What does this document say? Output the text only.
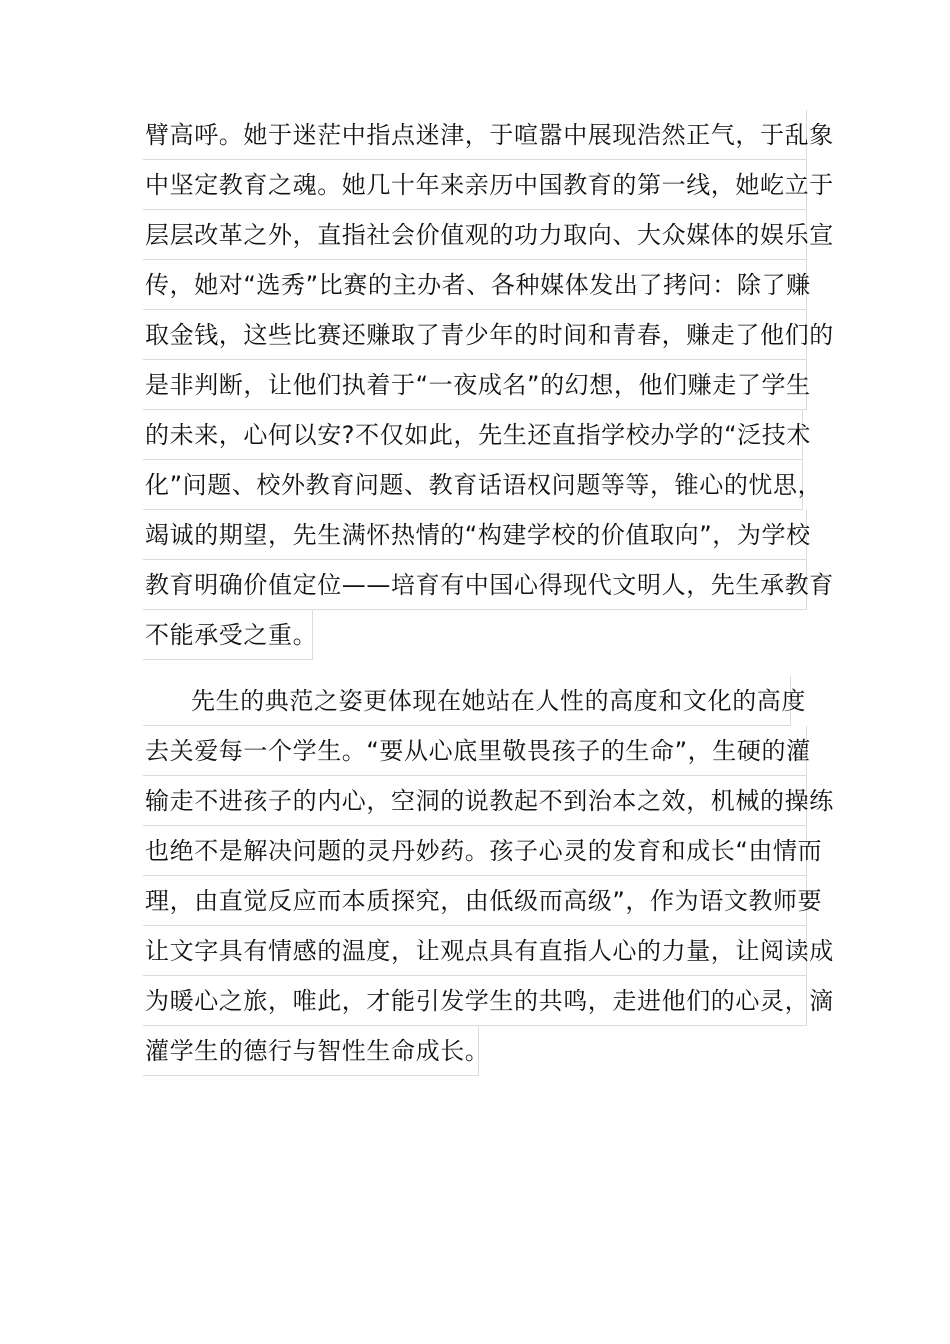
臂高呼。她于迷茫中指点迷津，于喧嚣中展现浩然正气，于乱象
中坚定教育之魂。她几十年来亲历中国教育的第一线，她屹立于
层层改革之外，直指社会价值观的功力取向、大众媒体的娱乐宣
传，她对“选秀”比赛的主办者、各种媒体发出了拷问：除了赚
取金钱，这些比赛还赚取了青少年的时间和青春，赚走了他们的
是非判断，让他们执着于“一夜成名”的幻想，他们赚走了学生
的未来，心何以安?不仅如此，先生还直指学校办学的“泛技术
化”问题、校外教育问题、教育话语权问题等等，锥心的忧思，
竭诚的期望，先生满怀热情的“构建学校的价值取向”，为学校
教育明确价值定位——培育有中国心得现代文明人，先生承教育
不能承受之重。
先生的典范之姿更体现在她站在人性的高度和文化的高度
去关爱每一个学生。“要从心底里敬畏孩子的生命”，生硬的灌
输走不进孩子的内心，空洞的说教起不到治本之效，机械的操练
也绝不是解决问题的灵丹妙药。孩子心灵的发育和成长“由情而
理，由直觉反应而本质探究，由低级而高级”，作为语文教师要
让文字具有情感的温度，让观点具有直指人心的力量，让阅读成
为暖心之旅，唯此，才能引发学生的共鸣，走进他们的心灵，滴
灌学生的德行与智性生命成长。
